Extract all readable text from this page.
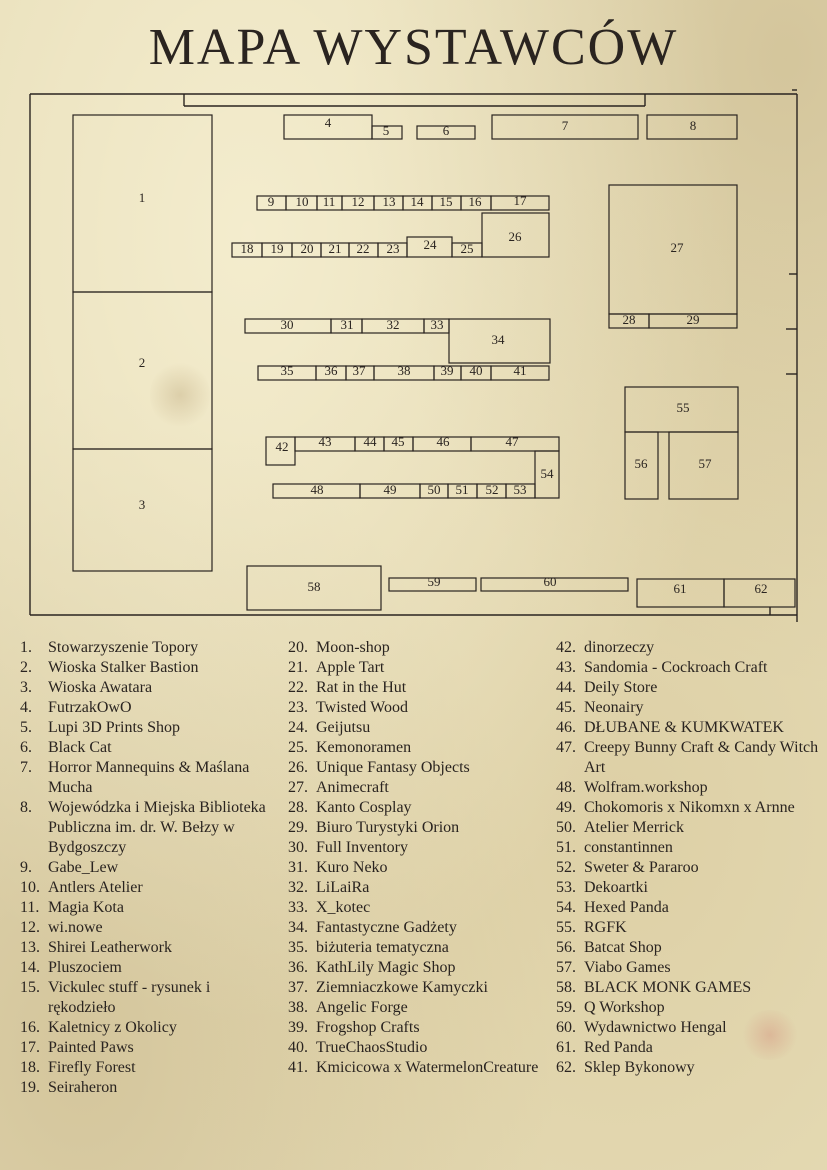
MAPA WYSTAWCÓW
1
2
3
4
5	6	7	8
9 10 11 12 13 14 15 16 17
18 19 20 21 22 23 24 25
26
27
28	29
30	31	32 33
34
35 36 37 38 39 40 41
42 43 44 45 46	47
48	49 50 51 52 53
54
55
56	57
58	59	60	61	62
1.	Stowarzyszenie Topory
2.	Wioska Stalker Bastion
3.	Wioska Awatara
4.	FutrzakOwO
5.	Lupi 3D Prints Shop
6.	Black Cat
7.	Horror Mannequins & Maślana Mucha
8.	Wojewódzka i Miejska Biblioteka Publiczna im. dr. W. Bełzy w Bydgoszczy
9.	Gabe_Lew
10. Antlers Atelier
11. Magia Kota
12. wi.nowe
13. Shirei Leatherwork
14. Pluszociem
15. Vickulec stuff - rysunek i rękodzieło
16. Kaletnicy z Okolicy
17. Painted Paws
18. Firefly Forest
19. Seiraheron
20. Moon-shop
21. Apple Tart
22. Rat in the Hut
23. Twisted Wood
24. Geijutsu
25. Kemonoramen
26. Unique Fantasy Objects
27. Animecraft
28. Kanto Cosplay
29. Biuro Turystyki Orion
30. Full Inventory
31. Kuro Neko
32. LiLaiRa
33. X_kotec
34. Fantastyczne Gadżety
35. biżuteria tematyczna
36. KathLily Magic Shop
37. Ziemniaczkowe Kamyczki
38. Angelic Forge
39. Frogshop Crafts
40. TrueChaosStudio
41. Kmicicowa x WatermelonCreature
42. dinorzeczy
43. Sandomia - Cockroach Craft
44. Deily Store
45. Neonairy
46. DŁUBANE & KUMKWATEK
47. Creepy Bunny Craft & Candy Witch Art
48. Wolfram.workshop
49. Chokomoris x Nikomxn x Arnne
50. Atelier Merrick
51. constantinnen
52. Sweter & Pararoo
53. Dekoartki
54. Hexed Panda
55. RGFK
56. Batcat Shop
57. Viabo Games
58. BLACK MONK GAMES
59. Q Workshop
60. Wydawnictwo Hengal
61. Red Panda
62. Sklep Bykonowy
